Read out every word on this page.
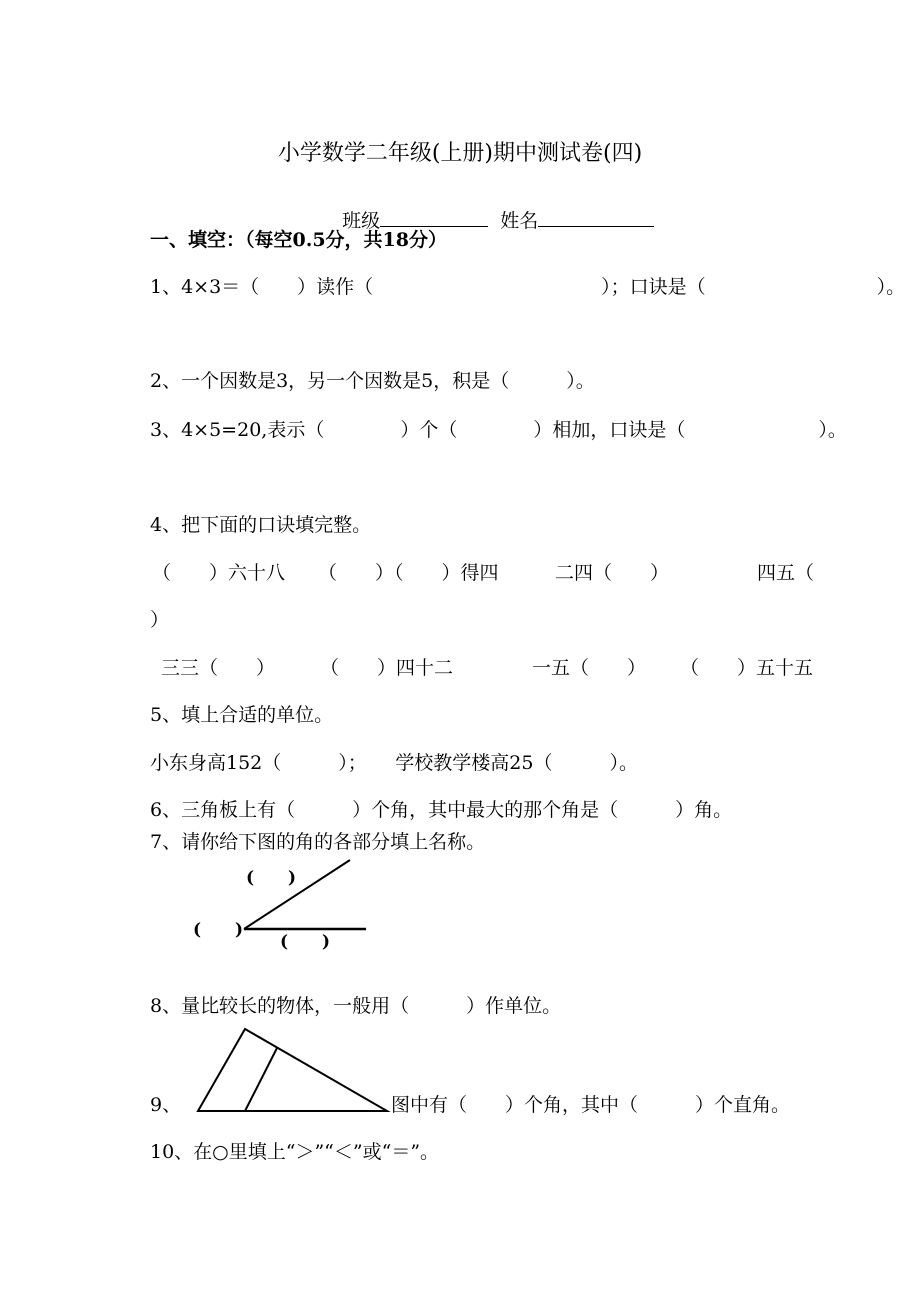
小学数学二年级(上册)期中测试卷(四)

班级	姓名

一、填空：（每空0.5分，共18分）
1、4×3＝（　　）读作（　　　　　　　　　　　　）；口诀是（　　　　　　　　　）。
2、一个因数是3，另一个因数是5，积是（　　　）。
3、4×5=20,表示（　　　　）个（　　　　）相加，口诀是（　　　　　　　）。
4、把下面的口诀填完整。
（　　）六十八 （　　）（　　）得四	二四（　　）	四五（
）
三三（　　） （　　）四十二	一五（　　） （　　）五十五
5、填上合适的单位。
小东身高152（　　　）；　　学校教学楼高25（　　　）。
6、三角板上有（　　　）个角，其中最大的那个角是（　　　）角。
7、请你给下图的角的各部分填上名称。
(　　)
(　　)
(　　)
8、量比较长的物体，一般用（　　　）作单位。
9、	图中有（　　）个角，其中（　　　）个直角。
10、在○里填上“＞”“＜”或“＝”。
